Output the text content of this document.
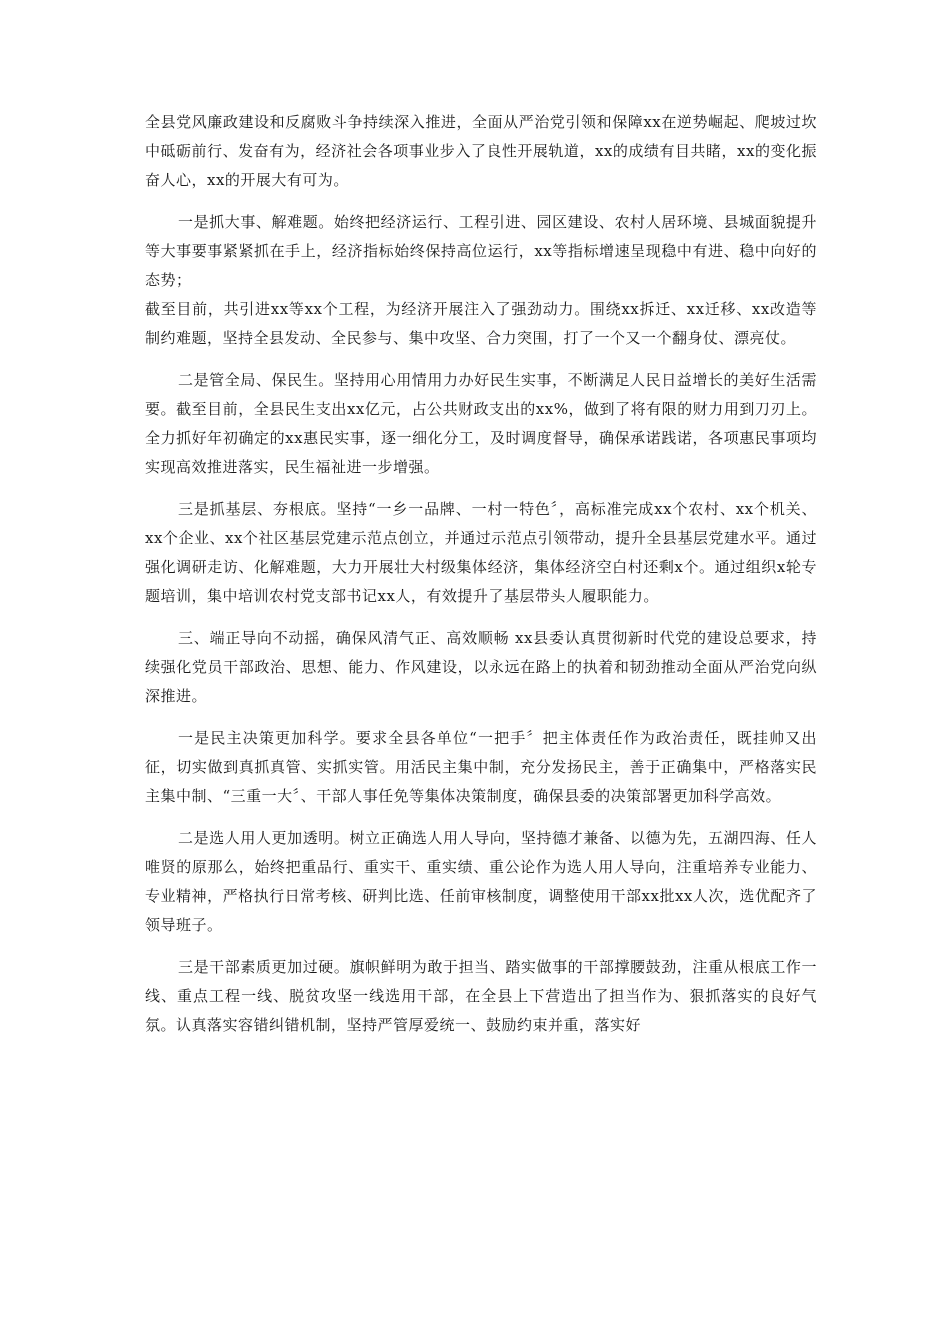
全县党风廉政建设和反腐败斗争持续深入推进，全面从严治党引领和保障xx在逆势崛起、爬坡过坎中砥砺前行、发奋有为，经济社会各项事业步入了良性开展轨道，xx的成绩有目共睹，xx的变化振奋人心，xx的开展大有可为。

一是抓大事、解难题。始终把经济运行、工程引进、园区建设、农村人居环境、县城面貌提升等大事要事紧紧抓在手上，经济指标始终保持高位运行，xx等指标增速呈现稳中有进、稳中向好的态势；

截至目前，共引进xx等xx个工程，为经济开展注入了强劲动力。围绕xx拆迁、xx迁移、xx改造等制约难题，坚持全县发动、全民参与、集中攻坚、合力突围，打了一个又一个翻身仗、漂亮仗。

二是管全局、保民生。坚持用心用情用力办好民生实事，不断满足人民日益增长的美好生活需要。截至目前，全县民生支出xx亿元，占公共财政支出的xx%，做到了将有限的财力用到刀刃上。全力抓好年初确定的xx惠民实事，逐一细化分工，及时调度督导，确保承诺践诺，各项惠民事项均实现高效推进落实，民生福祉进一步增强。

三是抓基层、夯根底。坚持“一乡一品牌、一村一特色〞，高标准完成xx个农村、xx个机关、xx个企业、xx个社区基层党建示范点创立，并通过示范点引领带动，提升全县基层党建水平。通过强化调研走访、化解难题，大力开展壮大村级集体经济，集体经济空白村还剩x个。通过组织x轮专题培训，集中培训农村党支部书记xx人，有效提升了基层带头人履职能力。

三、端正导向不动摇，确保风清气正、高效顺畅 xx县委认真贯彻新时代党的建设总要求，持续强化党员干部政治、思想、能力、作风建设，以永远在路上的执着和韧劲推动全面从严治党向纵深推进。

一是民主决策更加科学。要求全县各单位“一把手〞把主体责任作为政治责任，既挂帅又出征，切实做到真抓真管、实抓实管。用活民主集中制，充分发扬民主，善于正确集中，严格落实民主集中制、“三重一大〞、干部人事任免等集体决策制度，确保县委的决策部署更加科学高效。

二是选人用人更加透明。树立正确选人用人导向，坚持德才兼备、以德为先，五湖四海、任人唯贤的原那么，始终把重品行、重实干、重实绩、重公论作为选人用人导向，注重培养专业能力、专业精神，严格执行日常考核、研判比选、任前审核制度，调整使用干部xx批xx人次，选优配齐了领导班子。

三是干部素质更加过硬。旗帜鲜明为敢于担当、踏实做事的干部撑腰鼓劲，注重从根底工作一线、重点工程一线、脱贫攻坚一线选用干部，在全县上下营造出了担当作为、狠抓落实的良好气氛。认真落实容错纠错机制，坚持严管厚爱统一、鼓励约束并重，落实好
